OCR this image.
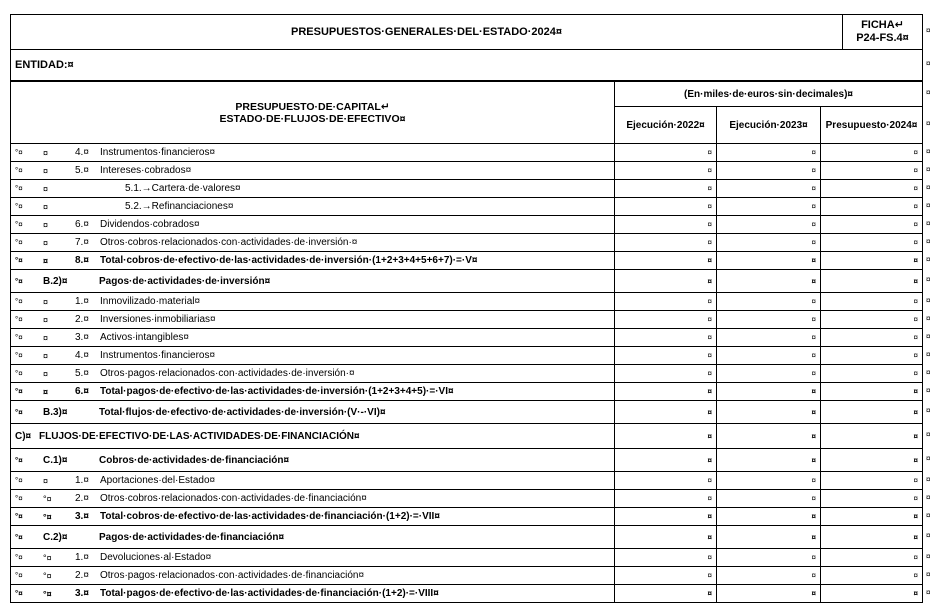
PRESUPUESTOS·GENERALES·DEL·ESTADO·2024¤	
FICHA↵
P24-FS.4¤

ENTIDAD:¤
PRESUPUESTO·DE·CAPITAL↵
ESTADO·DE·FLUJOS·DE·EFECTIVO¤	(En·miles·de·euros·sin·decimales)¤		
	Ejecución·2022¤	Ejecución·2023¤	Presupuesto·2024¤

°¤ ¤ 4.¤ Instrumentos·financieros¤	¤	¤	¤

°¤ ¤ 5.¤ Intereses·cobrados¤	¤	¤	¤

°¤ ¤ 5.1.→Cartera·de·valores¤	¤	¤	¤

°¤ ¤ 5.2.→Refinanciaciones¤	¤	¤	¤

°¤ ¤ 6.¤ Dividendos·cobrados¤	¤	¤	¤

°¤ ¤ 7.¤ Otros·cobros·relacionados·con·actividades·de·inversión·¤	¤	¤	¤

°¤ ¤ 8.¤ Total·cobros·de·efectivo·de·las·actividades·de·inversión·(1+2+3+4+5+6+7)·=·V¤	¤	¤	¤

°¤ B.2)¤ Pagos·de·actividades·de·inversión¤	¤	¤	¤

°¤ ¤ 1.¤ Inmovilizado·material¤	¤	¤	¤

°¤ ¤ 2.¤ Inversiones·inmobiliarias¤	¤	¤	¤

°¤ ¤ 3.¤ Activos·intangibles¤	¤	¤	¤

°¤ ¤ 4.¤ Instrumentos·financieros¤	¤	¤	¤

°¤ ¤ 5.¤ Otros·pagos·relacionados·con·actividades·de·inversión·¤	¤	¤	¤

°¤ ¤ 6.¤ Total·pagos·de·efectivo·de·las·actividades·de·inversión·(1+2+3+4+5)·=·VI¤	¤	¤	¤

°¤ B.3)¤ Total·flujos·de·efectivo·de·actividades·de·inversión·(V·-·VI)¤	¤	¤	¤

C)¤ FLUJOS·DE·EFECTIVO·DE·LAS·ACTIVIDADES·DE·FINANCIACIÓN¤	¤	¤	¤

°¤ C.1)¤ Cobros·de·actividades·de·financiación¤	¤	¤	¤

°¤ ¤ 1.¤ Aportaciones·del·Estado¤	¤	¤	¤

°¤ °¤ 2.¤ Otros·cobros·relacionados·con·actividades·de·financiación¤	¤	¤	¤

°¤ °¤ 3.¤ Total·cobros·de·efectivo·de·las·actividades·de·financiación·(1+2)·=·VII¤	¤	¤	¤

°¤ C.2)¤ Pagos·de·actividades·de·financiación¤	¤	¤	¤

°¤ °¤ 1.¤ Devoluciones·al·Estado¤	¤	¤	¤

°¤ °¤ 2.¤ Otros·pagos·relacionados·con·actividades·de·financiación¤	¤	¤	¤

°¤ °¤ 3.¤ Total·pagos·de·efectivo·de·las·actividades·de·financiación·(1+2)·=·VIII¤	¤	¤	¤
¤
¤
¤
¤
¤
¤
¤
¤
¤
¤
¤
¤
¤
¤
¤
¤
¤
¤
¤
¤
¤
¤
¤
¤
¤
¤
¤
¤
